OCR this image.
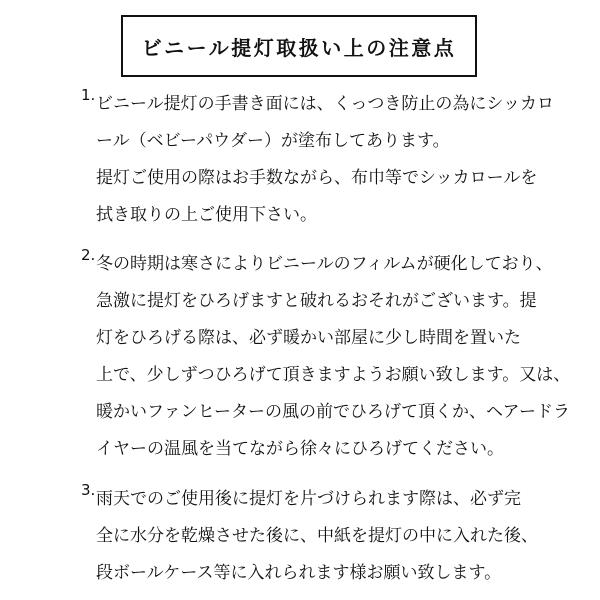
ビニール提灯取扱い上の注意点
1. ビニール提灯の手書き面には、くっつき防止の為にシッカロ
ール（ベビーパウダー）が塗布してあります。
提灯ご使用の際はお手数ながら、布巾等でシッカロールを
拭き取りの上ご使用下さい。
2. 冬の時期は寒さによりビニールのフィルムが硬化しており、
急激に提灯をひろげますと破れるおそれがございます。提
灯をひろげる際は、必ず暖かい部屋に少し時間を置いた
上で、少しずつひろげて頂きますようお願い致します。又は、
暖かいファンヒーターの風の前でひろげて頂くか、ヘアードラ
イヤーの温風を当てながら徐々にひろげてください。
3. 雨天でのご使用後に提灯を片づけられます際は、必ず完
全に水分を乾燥させた後に、中紙を提灯の中に入れた後、
段ボールケース等に入れられます様お願い致します。
